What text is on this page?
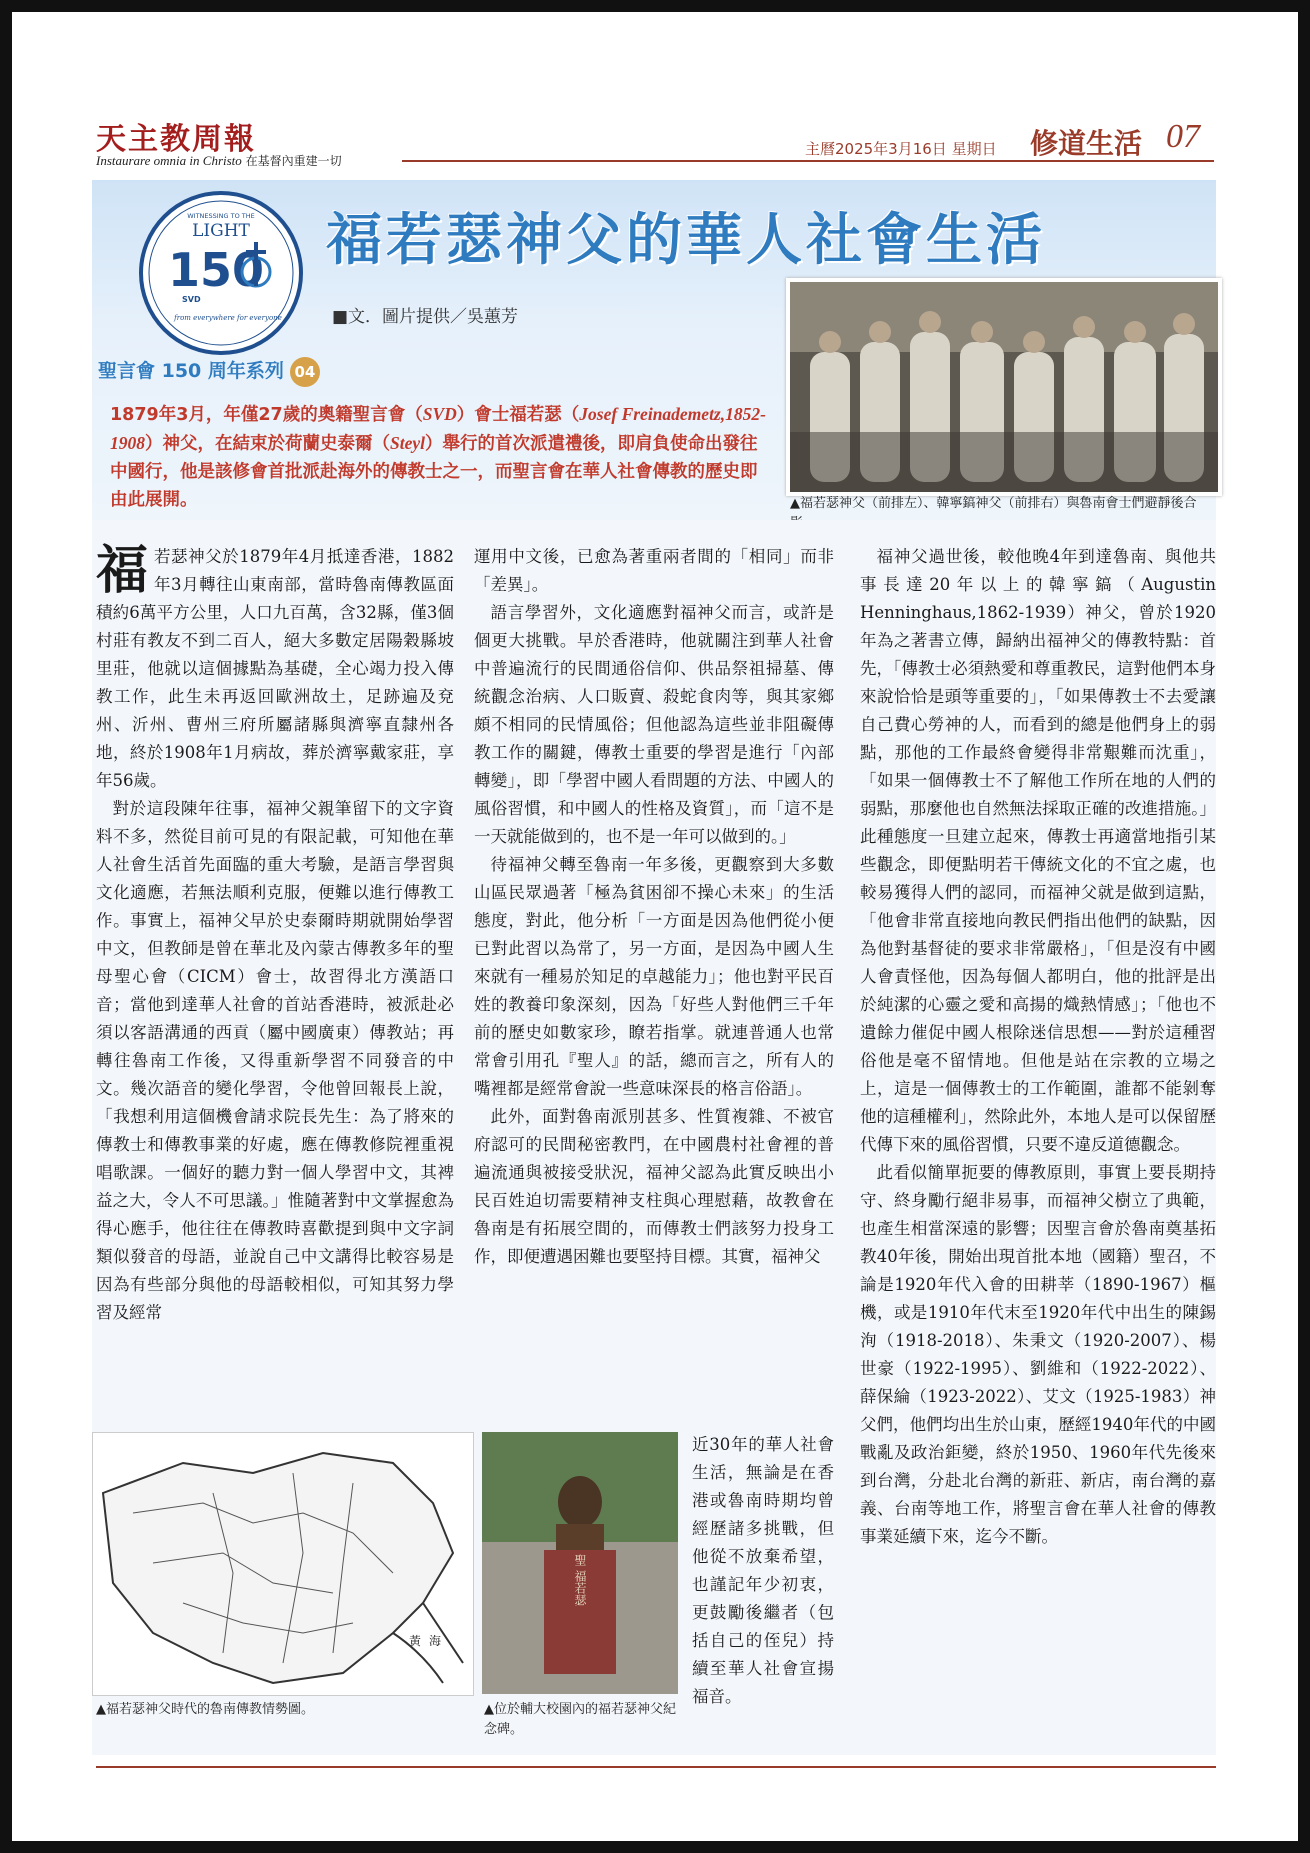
天主教周報
Instaurare omnia in Christo 在基督內重建一切
主曆2025年3月16日 星期日 修道生活 07
WITNESSING TO THE
LIGHT
150
SVD
from everywhere for everyone
福若瑟神父的華人社會生活
■文．圖片提供／吳蕙芳
聖言會 150 周年系列 04
1879年3月，年僅27歲的奧籍聖言會（SVD）會士福若瑟（Josef Freinademetz,1852-1908）神父，在結束於荷蘭史泰爾（Steyl）舉行的首次派遣禮後，即肩負使命出發往中國行，他是該修會首批派赴海外的傳教士之一，而聖言會在華人社會傳教的歷史即由此展開。	▲福若瑟神父（前排左）、韓寧鎬神父（前排右）與魯南會士們避靜後合

福若瑟神父於1879年4月抵達香港，1882年3月轉往山東南部，當時魯南傳教區面積約6萬平方公里，人口九百萬，含32縣，僅3個村莊有教友不到二百人，絕大多數定居陽穀縣坡里莊，他就以這個據點為基礎，全心竭力投入傳教工作，此生未再返回歐洲故土，足跡遍及兗州、沂州、曹州三府所屬諸縣與濟寧直隸州各地，終於1908年1月病故，葬於濟寧戴家莊，享年56歲。

對於這段陳年往事，福神父親筆留下的文字資料不多，然從目前可見的有限記載，可知他在華人社會生活首先面臨的重大考驗，是語言學習與文化適應，若無法順利克服，便難以進行傳教工作。事實上，福神父早於史泰爾時期就開始學習中文，但教師是曾在華北及內蒙古傳教多年的聖母聖心會（CICM）會士，故習得北方漢語口音；當他到達華人社會的首站香港時，被派赴必須以客語溝通的西貢（屬中國廣東）傳教站；再轉往魯南工作後，又得重新學習不同發音的中文。幾次語音的變化學習，令他曾回報長上說，「我想利用這個機會請求院長先生：為了將來的傳教士和傳教事業的好處，應在傳教修院裡重視唱歌課。一個好的聽力對一個人學習中文，其裨益之大，令人不可思議。」惟隨著對中文掌握愈為得心應手，他往往在傳教時喜歡提到與中文字詞類似發音的母語，並說自己中文講得比較容易是因為有些部分與他的母語較相似，可知其努力學習及經常

運用中文後，已愈為著重兩者間的「相同」而非「差異」。

語言學習外，文化適應對福神父而言，或許是個更大挑戰。早於香港時，他就關注到華人社會中普遍流行的民間通俗信仰、供品祭祖掃墓、傳統觀念治病、人口販賣、殺蛇食肉等，與其家鄉頗不相同的民情風俗；但他認為這些並非阻礙傳教工作的關鍵，傳教士重要的學習是進行「內部轉變」，即「學習中國人看問題的方法、中國人的風俗習慣，和中國人的性格及資質」，而「這不是一天就能做到的，也不是一年可以做到的。」

待福神父轉至魯南一年多後，更觀察到大多數山區民眾過著「極為貧困卻不操心未來」的生活態度，對此，他分析「一方面是因為他們從小便已對此習以為常了，另一方面，是因為中國人生來就有一種易於知足的卓越能力」；他也對平民百姓的教養印象深刻，因為「好些人對他們三千年前的歷史如數家珍，瞭若指掌。就連普通人也常常會引用孔『聖人』的話，總而言之，所有人的嘴裡都是經常會說一些意味深長的格言俗語」。

此外，面對魯南派別甚多、性質複雜、不被官府認可的民間秘密教門，在中國農村社會裡的普遍流通與被接受狀況，福神父認為此實反映出小民百姓迫切需要精神支柱與心理慰藉，故教會在魯南是有拓展空間的，而傳教士們該努力投身工作，即便遭遇困難也要堅持目標。其實，福神父

近30年的華人社會生活，無論是在香港或魯南時期均曾經歷諸多挑戰，但他從不放棄希望，也謹記年少初衷，更鼓勵後繼者（包括自己的侄兒）持續至華人社會宣揚福音。

福神父過世後，較他晚4年到達魯南、與他共事長達20年以上的韓寧鎬（Augustin Henninghaus,1862-1939）神父，曾於1920年為之著書立傳，歸納出福神父的傳教特點：首先，「傳教士必須熱愛和尊重教民，這對他們本身來說恰恰是頭等重要的」，「如果傳教士不去愛讓自己費心勞神的人，而看到的總是他們身上的弱點，那他的工作最終會變得非常艱難而沈重」，「如果一個傳教士不了解他工作所在地的人們的弱點，那麼他也自然無法採取正確的改進措施。」此種態度一旦建立起來，傳教士再適當地指引某些觀念，即便點明若干傳統文化的不宜之處，也較易獲得人們的認同，而福神父就是做到這點，「他會非常直接地向教民們指出他們的缺點，因為他對基督徒的要求非常嚴格」，「但是沒有中國人會責怪他，因為每個人都明白，他的批評是出於純潔的心靈之愛和高揚的熾熱情感」；「他也不遺餘力催促中國人根除迷信思想——對於這種習俗他是毫不留情地。但他是站在宗教的立場之上，這是一個傳教士的工作範圍，誰都不能剝奪他的這種權利」，然除此外，本地人是可以保留歷代傳下來的風俗習慣，只要不違反道德觀念。

此看似簡單扼要的傳教原則，事實上要長期持守、終身勵行絕非易事，而福神父樹立了典範，也產生相當深遠的影響；因聖言會於魯南奠基拓教40年後，開始出現首批本地（國籍）聖召，不論是1920年代入會的田耕莘（1890-1967）樞機，或是1910年代末至1920年代中出生的陳錫洵（1918-2018）、朱秉文（1920-2007）、楊世豪（1922-1995）、劉維和（1922-2022）、薛保綸（1923-2022）、艾文（1925-1983）神父們，他們均出生於山東，歷經1940年代的中國戰亂及政治鉅變，終於1950、1960年代先後來到台灣，分赴北台灣的新莊、新店，南台灣的嘉義、台南等地工作，將聖言會在華人社會的傳教事業延續下來，迄今不斷。

黃 海
▲福若瑟神父時代的魯南傳教情勢圖。
聖 福若瑟
▲位於輔大校園內的福若瑟神父紀念碑。
